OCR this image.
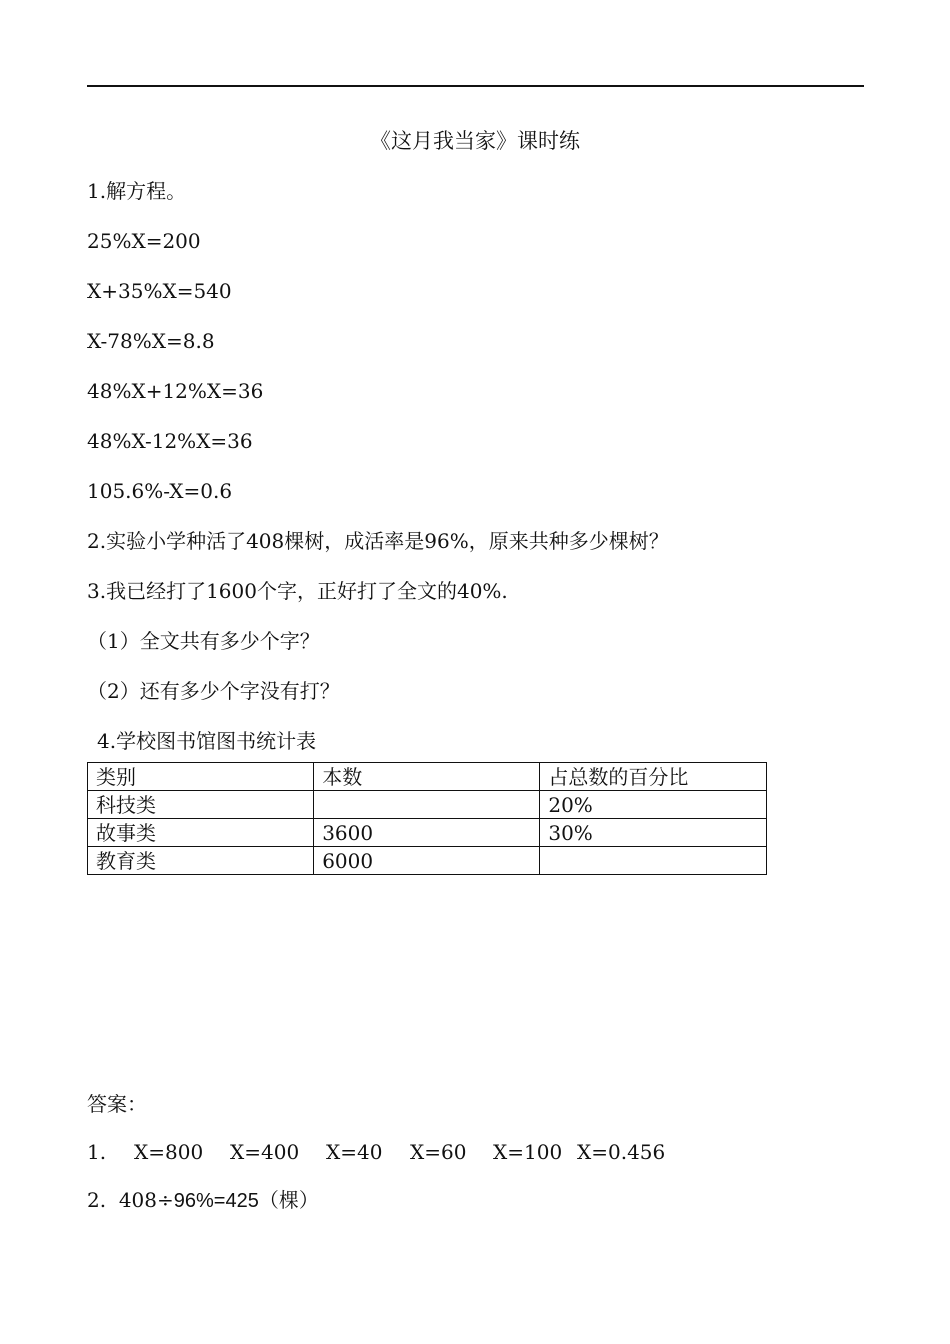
《这月我当家》课时练
1.解方程。
25%X=200
X+35%X=540
X-78%X=8.8
48%X+12%X=36
48%X-12%X=36
105.6%-X=0.6
2.实验小学种活了408棵树，成活率是96%，原来共种多少棵树？
3.我已经打了1600个字，正好打了全文的40%.
（1）全文共有多少个字？
（2）还有多少个字没有打？
4.学校图书馆图书统计表
类别	本数	占总数的百分比
科技类		20%
故事类	3600	30%
教育类	6000	
答案：
1. X=800 X=400 X=40 X=60 X=100 X=0.456
2. 408÷96%=425（棵）
